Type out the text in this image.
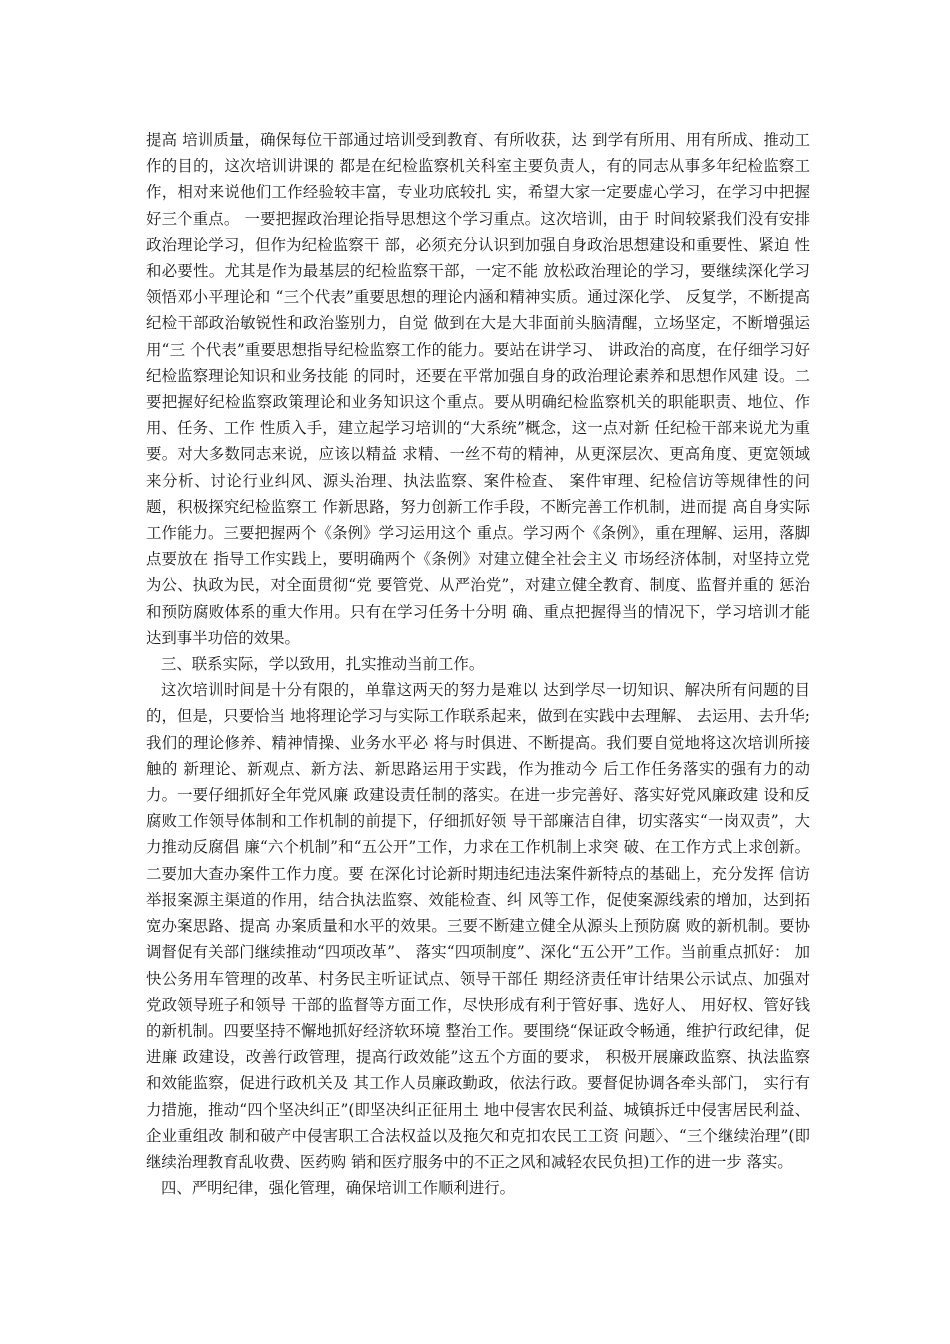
提高 培训质量，确保每位干部通过培训受到教育、有所收获，达 到学有所用、用有所成、推动工作的目的，这次培训讲课的 都是在纪检监察机关科室主要负责人，有的同志从事多年纪检监察工作，相对来说他们工作经验较丰富，专业功底较扎 实，希望大家一定要虚心学习，在学习中把握好三个重点。 一要把握政治理论指导思想这个学习重点。这次培训，由于 时间较紧我们没有安排政治理论学习，但作为纪检监察干 部，必须充分认识到加强自身政治思想建设和重要性、紧迫 性和必要性。尤其是作为最基层的纪检监察干部，一定不能 放松政治理论的学习，要继续深化学习领悟邓小平理论和 “三个代表”重要思想的理论内涵和精神实质。通过深化学、 反复学，不断提高纪检干部政治敏锐性和政治鉴别力，自觉 做到在大是大非面前头脑清醒，立场坚定，不断增强运用“三 个代表”重要思想指导纪检监察工作的能力。要站在讲学习、 讲政治的高度，在仔细学习好纪检监察理论知识和业务技能 的同时，还要在平常加强自身的政治理论素养和思想作风建 设。二要把握好纪检监察政策理论和业务知识这个重点。要从明确纪检监察机关的职能职责、地位、作用、任务、工作 性质入手，建立起学习培训的“大系统”概念，这一点对新 任纪检干部来说尤为重要。对大多数同志来说，应该以精益 求精、一丝不苟的精神，从更深层次、更高角度、更宽领域 来分析、讨论行业纠风、源头治理、执法监察、案件检查、 案件审理、纪检信访等规律性的问题，积极探究纪检监察工 作新思路，努力创新工作手段，不断完善工作机制，进而提 高自身实际工作能力。三要把握两个《条例》学习运用这个 重点。学习两个《条例》，重在理解、运用，落脚点要放在 指导工作实践上，要明确两个《条例》对建立健全社会主义 市场经济体制，对坚持立党为公、执政为民，对全面贯彻“党 要管党、从严治党”，对建立健全教育、制度、监督并重的 惩治和预防腐败体系的重大作用。只有在学习任务十分明 确、重点把握得当的情况下，学习培训才能达到事半功倍的效果。

三、联系实际，学以致用，扎实推动当前工作。

这次培训时间是十分有限的，单靠这两天的努力是难以 达到学尽一切知识、解决所有问题的目的，但是，只要恰当 地将理论学习与实际工作联系起来，做到在实践中去理解、 去运用、去升华;我们的理论修养、精神情操、业务水平必 将与时俱进、不断提高。我们要自觉地将这次培训所接触的 新理论、新观点、新方法、新思路运用于实践，作为推动今 后工作任务落实的强有力的动力。一要仔细抓好全年党风廉 政建设责任制的落实。在进一步完善好、落实好党风廉政建 设和反腐败工作领导体制和工作机制的前提下，仔细抓好领 导干部廉洁自律，切实落实“一岗双责”，大力推动反腐倡 廉“六个机制”和“五公开”工作，力求在工作机制上求突 破、在工作方式上求创新。二要加大查办案件工作力度。要 在深化讨论新时期违纪违法案件新特点的基础上，充分发挥 信访举报案源主渠道的作用，结合执法监察、效能检查、纠 风等工作，促使案源线索的增加，达到拓宽办案思路、提高 办案质量和水平的效果。三要不断建立健全从源头上预防腐 败的新机制。要协调督促有关部门继续推动“四项改革”、 落实“四项制度”、深化“五公开”工作。当前重点抓好： 加快公务用车管理的改革、村务民主听证试点、领导干部任 期经济责任审计结果公示试点、加强对党政领导班子和领导 干部的监督等方面工作，尽快形成有利于管好事、选好人、 用好权、管好钱的新机制。四要坚持不懈地抓好经济软环境 整治工作。要围绕“保证政令畅通，维护行政纪律，促进廉 政建设，改善行政管理，提高行政效能”这五个方面的要求， 积极开展廉政监察、执法监察和效能监察，促进行政机关及 其工作人员廉政勤政，依法行政。要督促协调各牵头部门， 实行有力措施，推动“四个坚决纠正”(即坚决纠正征用土 地中侵害农民利益、城镇拆迁中侵害居民利益、企业重组改 制和破产中侵害职工合法权益以及拖欠和克扣农民工工资 问题〉、“三个继续治理”(即继续治理教育乱收费、医药购 销和医疗服务中的不正之风和减轻农民负担)工作的进一步 落实。

四、严明纪律，强化管理，确保培训工作顺利进行。
